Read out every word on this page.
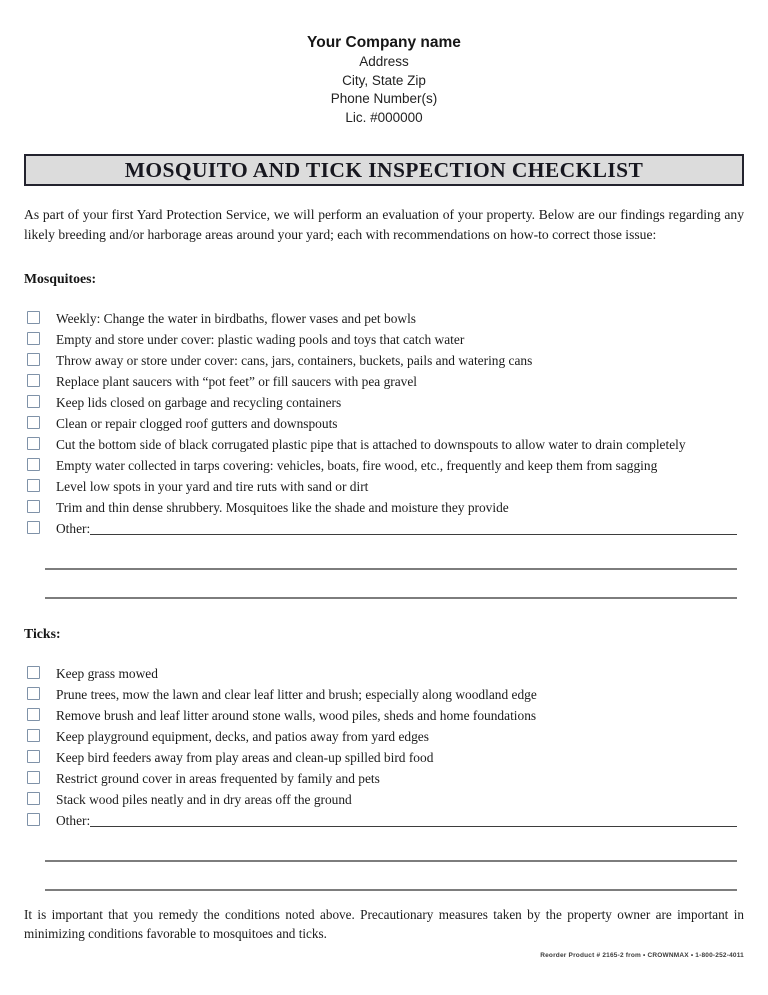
Your Company name
Address
City, State Zip
Phone Number(s)
Lic. #000000
MOSQUITO AND TICK INSPECTION CHECKLIST

As part of your first Yard Protection Service, we will perform an evaluation of your property. Below are our findings regarding any likely breeding and/or harborage areas around your yard; each with recommendations on how-to correct those issue:

Mosquitoes:
Weekly: Change the water in birdbaths, flower vases and pet bowls
Empty and store under cover: plastic wading pools and toys that catch water
Throw away or store under cover: cans, jars, containers, buckets, pails and watering cans
Replace plant saucers with “pot feet” or fill saucers with pea gravel
Keep lids closed on garbage and recycling containers
Clean or repair clogged roof gutters and downspouts
Cut the bottom side of black corrugated plastic pipe that is attached to downspouts to allow water to drain completely
Empty water collected in tarps covering: vehicles, boats, fire wood, etc., frequently and keep them from sagging
Level low spots in your yard and tire ruts with sand or dirt
Trim and thin dense shrubbery. Mosquitoes like the shade and moisture they provide
Other:
Ticks:
Keep grass mowed
Prune trees, mow the lawn and clear leaf litter and brush; especially along woodland edge
Remove brush and leaf litter around stone walls, wood piles, sheds and home foundations
Keep playground equipment, decks, and patios away from yard edges
Keep bird feeders away from play areas and clean-up spilled bird food
Restrict ground cover in areas frequented by family and pets
Stack wood piles neatly and in dry areas off the ground
Other:

It is important that you remedy the conditions noted above. Precautionary measures taken by the property owner are important in minimizing conditions favorable to mosquitoes and ticks.

Reorder Product # 2165-2 from • CROWNMAX • 1-800-252-4011
